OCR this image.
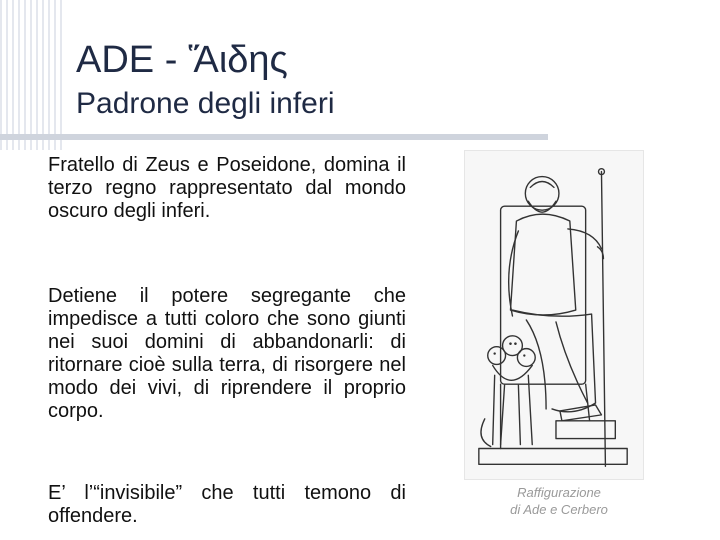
ADE - Ἅιδης
Padrone degli inferi

Fratello di Zeus e Poseidone, domina il terzo regno rappresentato dal mondo oscuro degli inferi.

Detiene il potere segregante che impedisce a tutti coloro che sono giunti nei suoi domini di abbandonarli: di ritornare cioè sulla terra, di risorgere nel modo dei vivi, di riprendere il proprio corpo.

E’ l’“invisibile” che tutti temono di offendere.

Raffigurazione
di Ade e Cerbero
